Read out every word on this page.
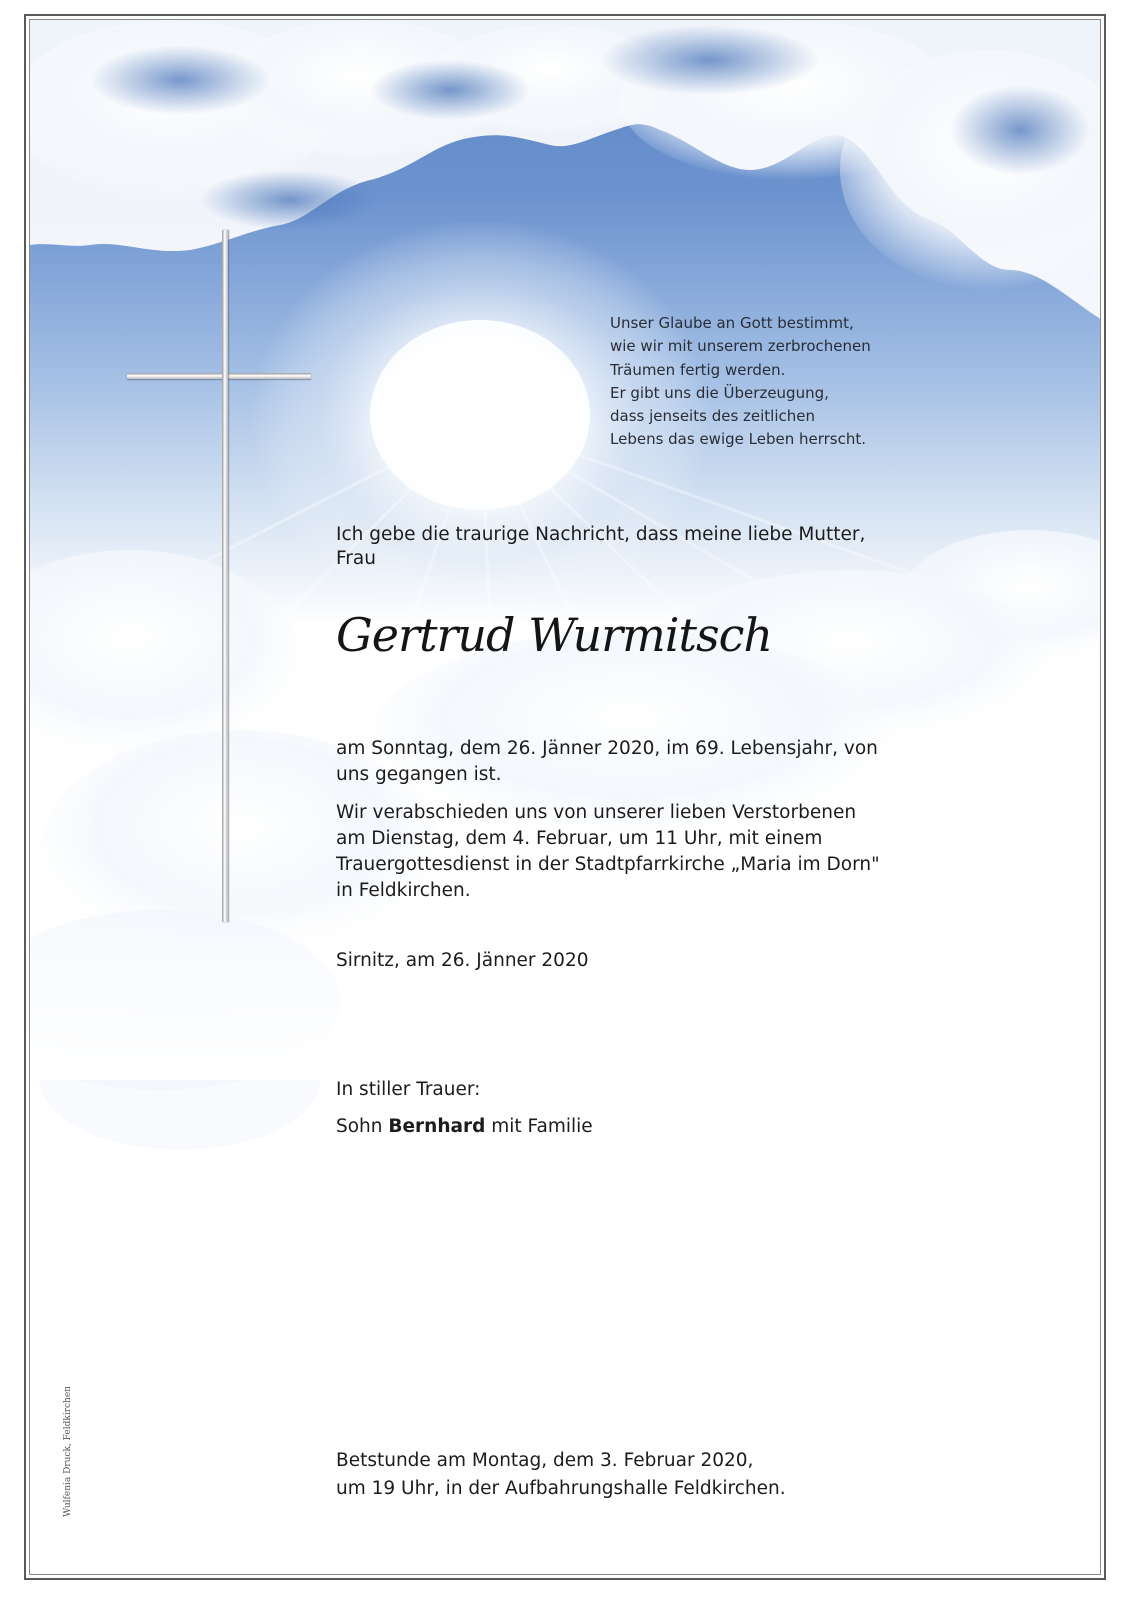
Unser Glaube an Gott bestimmt,
wie wir mit unserem zerbrochenen
Träumen fertig werden.
Er gibt uns die Überzeugung,
dass jenseits des zeitlichen
Lebens das ewige Leben herrscht.
Ich gebe die traurige Nachricht, dass meine liebe Mutter,
Frau
Gertrud Wurmitsch
am Sonntag, dem 26. Jänner 2020, im 69. Lebensjahr, von
uns gegangen ist.
Wir verabschieden uns von unserer lieben Verstorbenen
am Dienstag, dem 4. Februar, um 11 Uhr, mit einem
Trauergottesdienst in der Stadtpfarrkirche „Maria im Dorn"
in Feldkirchen.
Sirnitz, am 26. Jänner 2020
In stiller Trauer:
Sohn Bernhard mit Familie
Betstunde am Montag, dem 3. Februar 2020,
um 19 Uhr, in der Aufbahrungshalle Feldkirchen.
Wulfenia Druck, Feldkirchen
